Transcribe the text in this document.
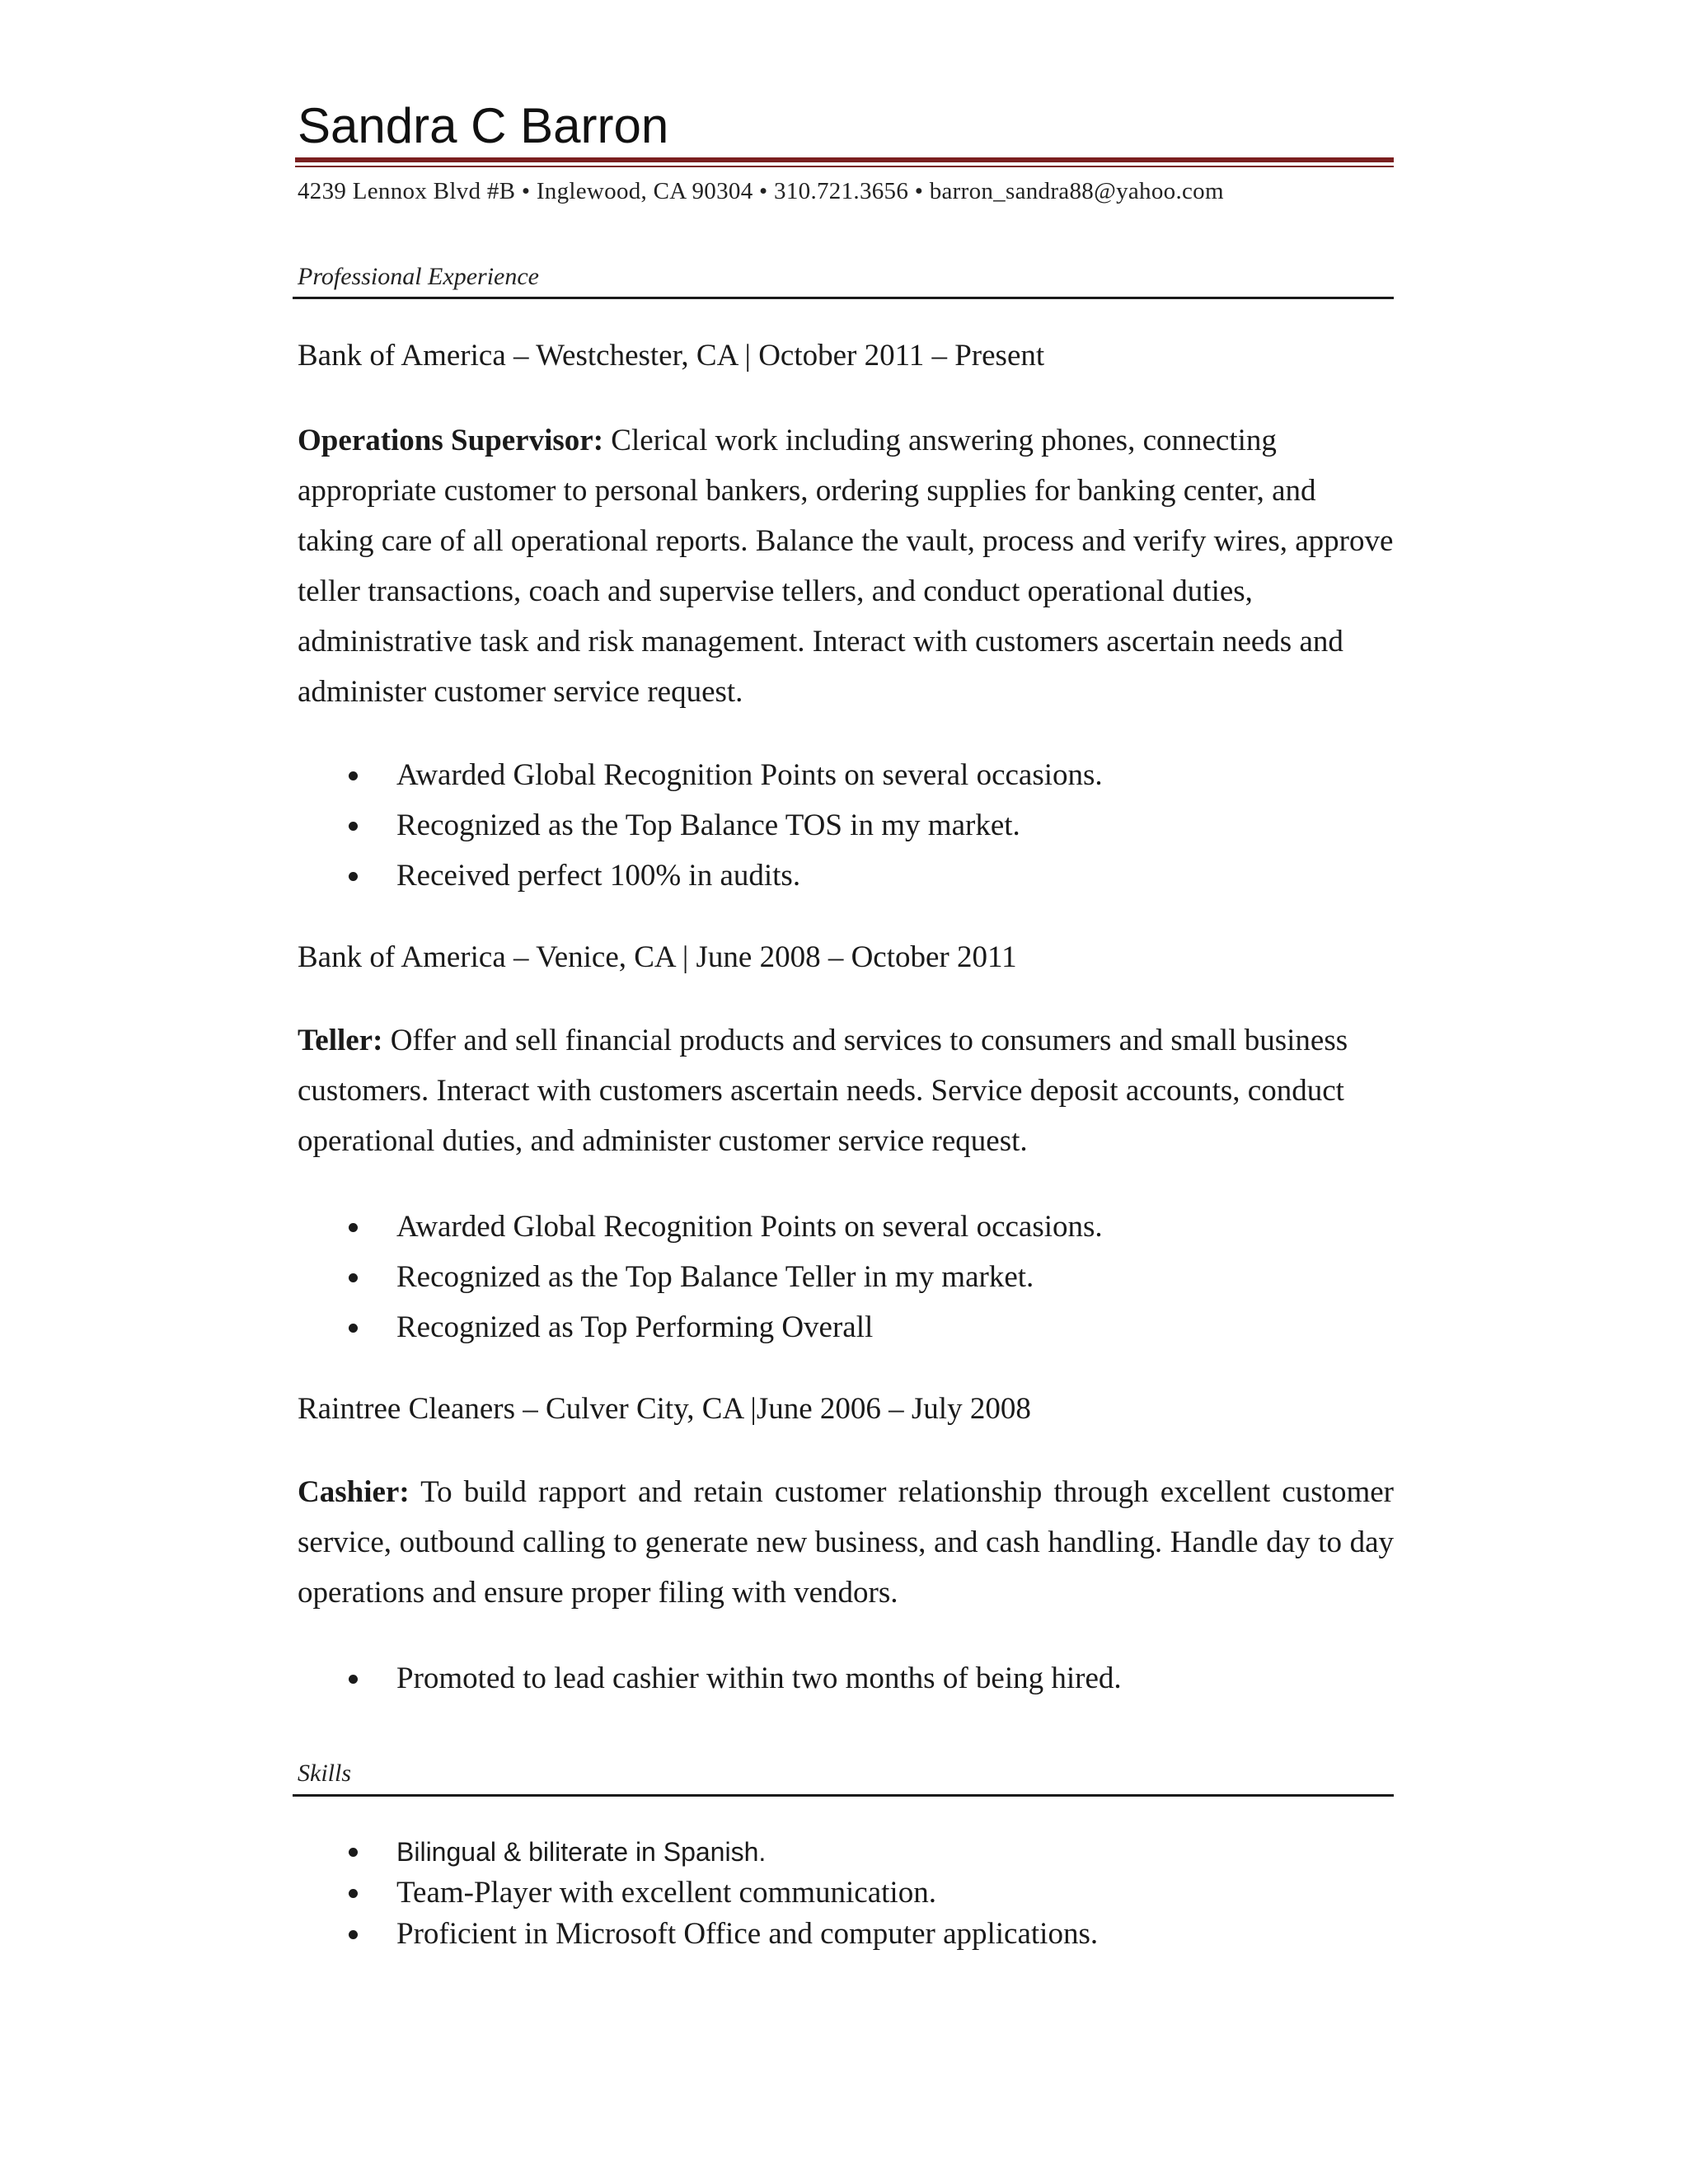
Sandra C Barron
4239 Lennox Blvd #B • Inglewood, CA 90304 • 310.721.3656 • barron_sandra88@yahoo.com
Professional Experience
Bank of America – Westchester, CA | October 2011 – Present
Operations Supervisor: Clerical work including answering phones, connecting appropriate customer to personal bankers, ordering supplies for banking center, and taking care of all operational reports. Balance the vault, process and verify wires, approve teller transactions, coach and supervise tellers, and conduct operational duties, administrative task and risk management. Interact with customers ascertain needs and administer customer service request.
Awarded Global Recognition Points on several occasions.
Recognized as the Top Balance TOS in my market.
Received perfect 100% in audits.
Bank of America – Venice, CA | June 2008 – October 2011
Teller: Offer and sell financial products and services to consumers and small business customers. Interact with customers ascertain needs. Service deposit accounts, conduct operational duties, and administer customer service request.
Awarded Global Recognition Points on several occasions.
Recognized as the Top Balance Teller in my market.
Recognized as Top Performing Overall
Raintree Cleaners – Culver City, CA |June 2006 – July 2008
Cashier: To build rapport and retain customer relationship through excellent customer service, outbound calling to generate new business, and cash handling. Handle day to day operations and ensure proper filing with vendors.
Promoted to lead cashier within two months of being hired.
Skills
Bilingual & biliterate in Spanish.
Team-Player with excellent communication.
Proficient in Microsoft Office and computer applications.
